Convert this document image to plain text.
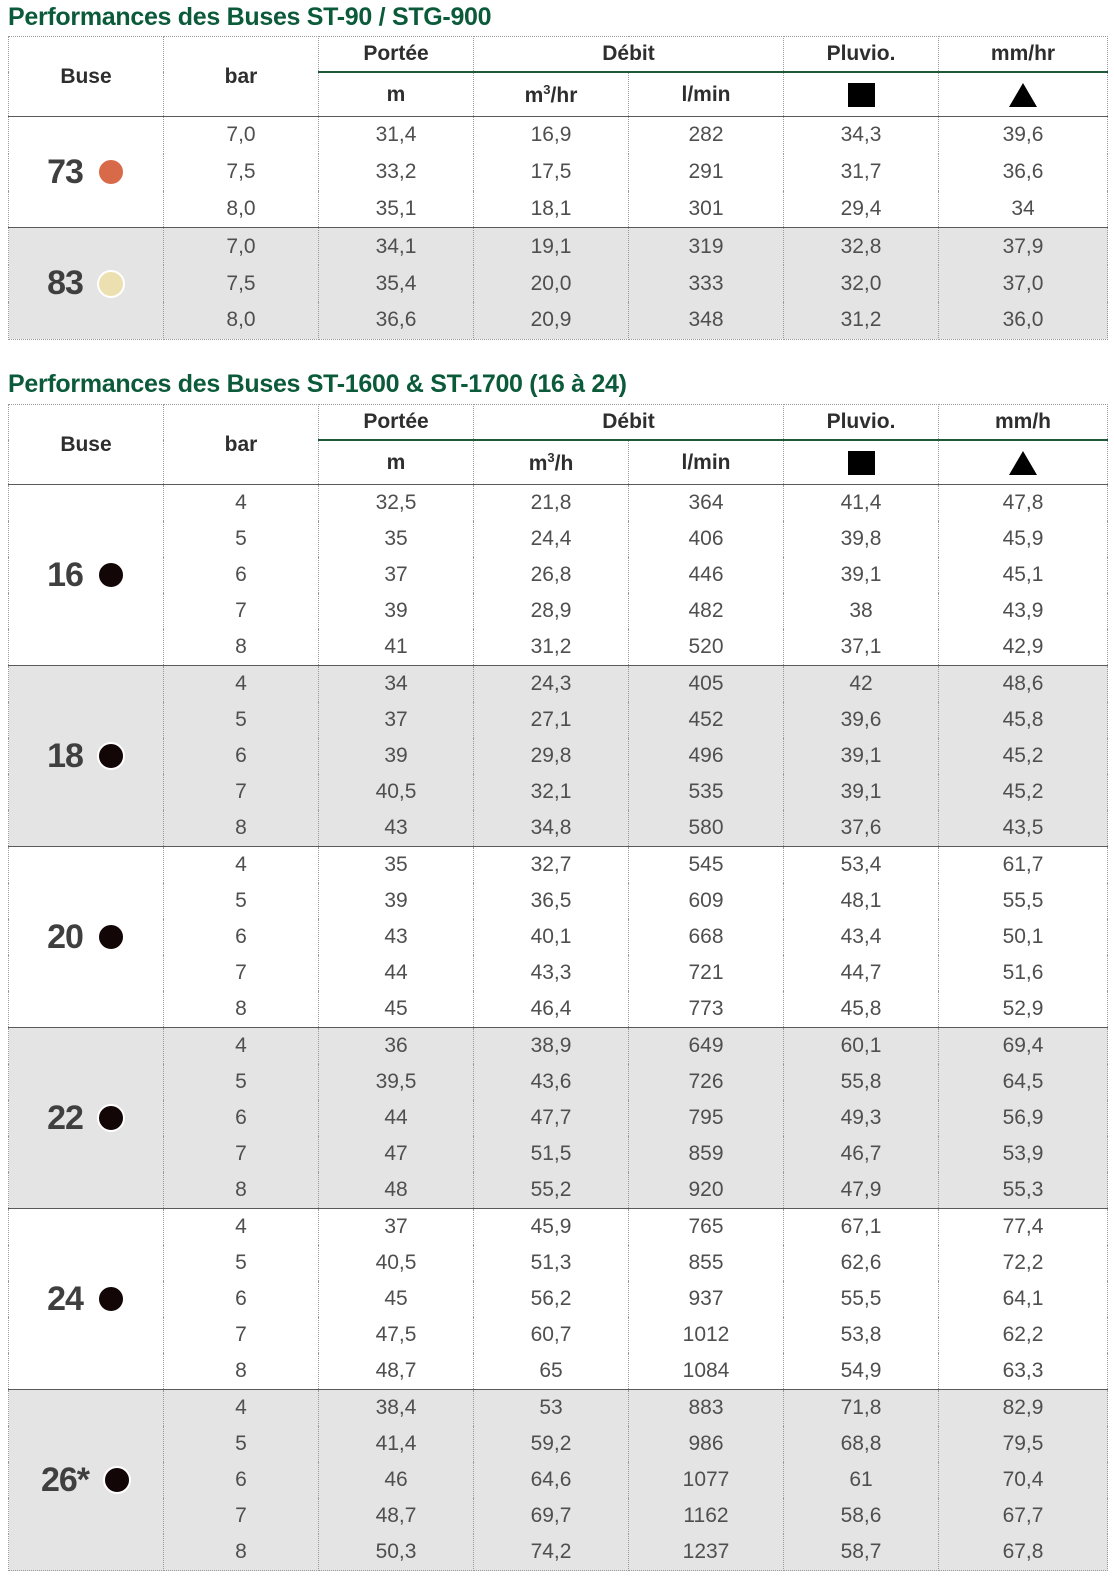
Performances des Buses ST-90 / STG-900
Buse	bar	Portée	Débit		Pluvio.	mm/hr
		m	$m^3/hr$	l/min		

73	7,0	31,4	16,9	282	34,3	39,6
	7,5	33,2	17,5	291	31,7	36,6
	8,0	35,1	18,1	301	29,4	34

83	7,0	34,1	19,1	319	32,8	37,9
	7,5	35,4	20,0	333	32,0	37,0
	8,0	36,6	20,9	348	31,2	36,0
Performances des Buses ST-1600 & ST-1700 (16 à 24)
Buse	bar	Portée	Débit		Pluvio.	mm/h
		m	$m^3/h$	l/min		

16	4	32,5	21,8	364	41,4	47,8
	5	35	24,4	406	39,8	45,9
	6	37	26,8	446	39,1	45,1
	7	39	28,9	482	38	43,9
	8	41	31,2	520	37,1	42,9

18	4	34	24,3	405	42	48,6
	5	37	27,1	452	39,6	45,8
	6	39	29,8	496	39,1	45,2
	7	40,5	32,1	535	39,1	45,2
	8	43	34,8	580	37,6	43,5

20	4	35	32,7	545	53,4	61,7
	5	39	36,5	609	48,1	55,5
	6	43	40,1	668	43,4	50,1
	7	44	43,3	721	44,7	51,6
	8	45	46,4	773	45,8	52,9

22	4	36	38,9	649	60,1	69,4
	5	39,5	43,6	726	55,8	64,5
	6	44	47,7	795	49,3	56,9
	7	47	51,5	859	46,7	53,9
	8	48	55,2	920	47,9	55,3

24	4	37	45,9	765	67,1	77,4
	5	40,5	51,3	855	62,6	72,2
	6	45	56,2	937	55,5	64,1
	7	47,5	60,7	1012	53,8	62,2
	8	48,7	65	1084	54,9	63,3

26*	4	38,4	53	883	71,8	82,9
	5	41,4	59,2	986	68,8	79,5
	6	46	64,6	1077	61	70,4
	7	48,7	69,7	1162	58,6	67,7
	8	50,3	74,2	1237	58,7	67,8
